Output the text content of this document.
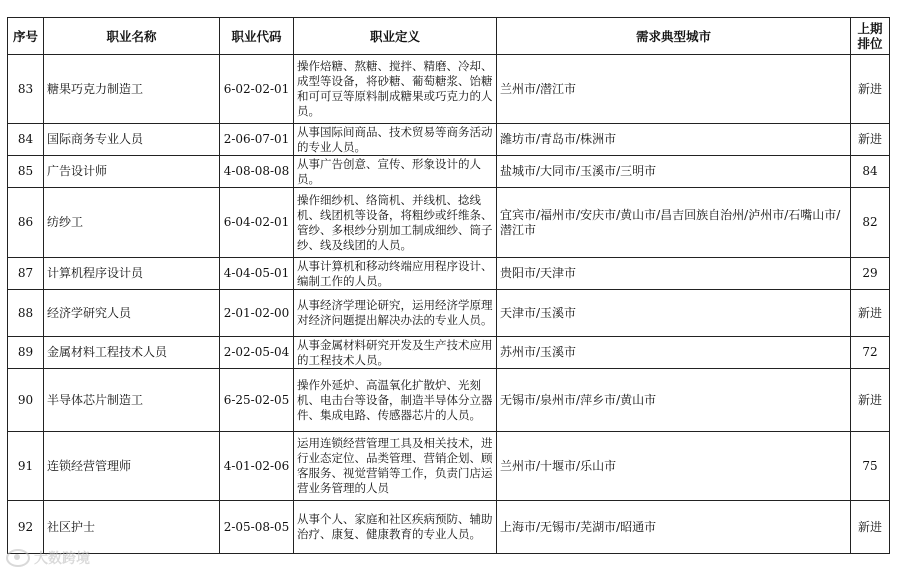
序号	职业名称	职业代码	职业定义	需求典型城市	上期排位
83	糖果巧克力制造工	6-02-02-01	操作焙糖、熬糖、搅拌、精磨、冷却、成型等设备，将砂糖、葡萄糖浆、饴糖和可可豆等原料制成糖果或巧克力的人员。	兰州市/潜江市	新进
84	国际商务专业人员	2-06-07-01	从事国际间商品、技术贸易等商务活动的专业人员。	潍坊市/青岛市/株洲市	新进
85	广告设计师	4-08-08-08	从事广告创意、宣传、形象设计的人员。	盐城市/大同市/玉溪市/三明市	84
86	纺纱工	6-04-02-01	操作细纱机、络筒机、并线机、捻线机、线团机等设备，将粗纱或纤维条、管纱、多根纱分别加工制成细纱、筒子纱、线及线团的人员。	宜宾市/福州市/安庆市/黄山市/昌吉回族自治州/泸州市/石嘴山市/潜江市	82
87	计算机程序设计员	4-04-05-01	从事计算机和移动终端应用程序设计、编制工作的人员。	贵阳市/天津市	29
88	经济学研究人员	2-01-02-00	从事经济学理论研究，运用经济学原理对经济问题提出解决办法的专业人员。	天津市/玉溪市	新进
89	金属材料工程技术人员	2-02-05-04	从事金属材料研究开发及生产技术应用的工程技术人员。	苏州市/玉溪市	72
90	半导体芯片制造工	6-25-02-05	操作外延炉、高温氧化扩散炉、光刻机、电击台等设备，制造半导体分立器件、集成电路、传感器芯片的人员。	无锡市/泉州市/萍乡市/黄山市	新进
91	连锁经营管理师	4-01-02-06	运用连锁经营管理工具及相关技术，进行业态定位、品类管理、营销企划、顾客服务、视觉营销等工作，负责门店运营业务管理的人员	兰州市/十堰市/乐山市	75
92	社区护士	2-05-08-05	从事个人、家庭和社区疾病预防、辅助治疗、康复、健康教育的专业人员。	上海市/无锡市/芜湖市/昭通市	新进
大数跨境
